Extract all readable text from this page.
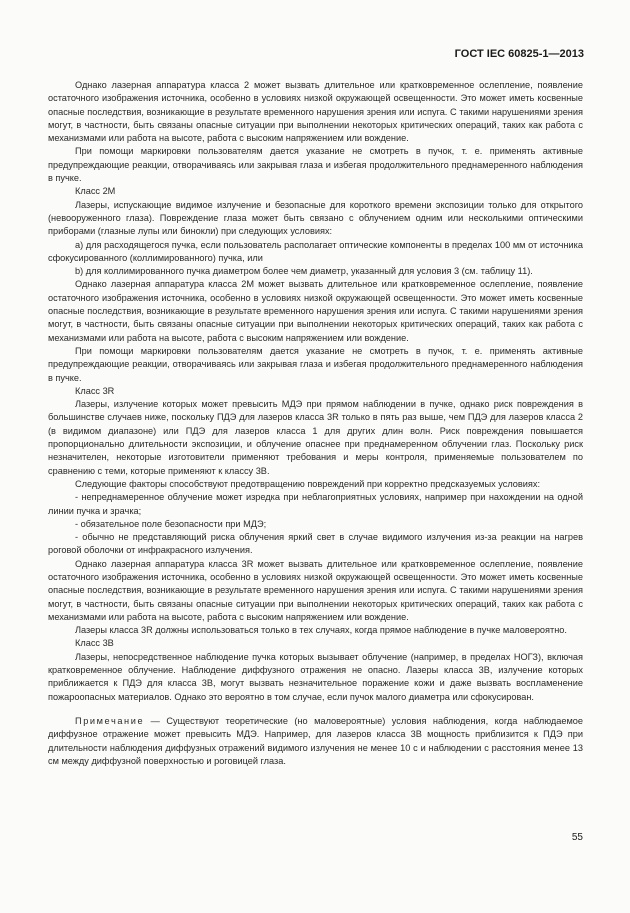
ГОСТ IEC 60825-1—2013

Однако лазерная аппаратура класса 2 может вызвать длительное или кратковременное ослепление, появление остаточного изображения источника, особенно в условиях низкой окружающей освещенности. Это может иметь косвенные опасные последствия, возникающие в результате временного нарушения зрения или испуга. С такими нарушениями зрения могут, в частности, быть связаны опасные ситуации при выполнении некоторых критических операций, таких как работа с механизмами или работа на высоте, работа с высоким напряжением или вождение.

При помощи маркировки пользователям дается указание не смотреть в пучок, т. е. применять активные предупреждающие реакции, отворачиваясь или закрывая глаза и избегая продолжительного преднамеренного наблюдения в пучке.

Класс 2M

Лазеры, испускающие видимое излучение и безопасные для короткого времени экспозиции только для открытого (невооруженного глаза). Повреждение глаза может быть связано с облучением одним или несколькими оптическими приборами (глазные лупы или бинокли) при следующих условиях:

a) для расходящегося пучка, если пользователь располагает оптические компоненты в пределах 100 мм от источника сфокусированного (коллимированного) пучка, или

b) для коллимированного пучка диаметром более чем диаметр, указанный для условия 3 (см. таблицу 11).

Однако лазерная аппаратура класса 2M может вызвать длительное или кратковременное ослепление, появление остаточного изображения источника, особенно в условиях низкой окружающей освещенности. Это может иметь косвенные опасные последствия, возникающие в результате временного нарушения зрения или испуга. С такими нарушениями зрения могут, в частности, быть связаны опасные ситуации при выполнении некоторых критических операций, таких как работа с механизмами или работа на высоте, работа с высоким напряжением или вождение.

При помощи маркировки пользователям дается указание не смотреть в пучок, т. е. применять активные предупреждающие реакции, отворачиваясь или закрывая глаза и избегая продолжительного преднамеренного наблюдения в пучке.

Класс 3R

Лазеры, излучение которых может превысить МДЭ при прямом наблюдении в пучке, однако риск повреждения в большинстве случаев ниже, поскольку ПДЭ для лазеров класса 3R только в пять раз выше, чем ПДЭ для лазеров класса 2 (в видимом диапазоне) или ПДЭ для лазеров класса 1 для других длин волн. Риск повреждения повышается пропорционально длительности экспозиции, и облучение опаснее при преднамеренном облучении глаз. Поскольку риск незначителен, некоторые изготовители применяют требования и меры контроля, применяемые пользователем по сравнению с теми, которые применяют к классу 3B.

Следующие факторы способствуют предотвращению повреждений при корректно предсказуемых условиях:

- непреднамеренное облучение может изредка при неблагоприятных условиях, например при нахождении на одной линии пучка и зрачка;

- обязательное поле безопасности при МДЭ;

- обычно не представляющий риска облучения яркий свет в случае видимого излучения из-за реакции на нагрев роговой оболочки от инфракрасного излучения.

Однако лазерная аппаратура класса 3R может вызвать длительное или кратковременное ослепление, появление остаточного изображения источника, особенно в условиях низкой окружающей освещенности. Это может иметь косвенные опасные последствия, возникающие в результате временного нарушения зрения или испуга. С такими нарушениями зрения могут, в частности, быть связаны опасные ситуации при выполнении некоторых критических операций, таких как работа с механизмами или работа на высоте, работа с высоким напряжением или вождение.

Лазеры класса 3R должны использоваться только в тех случаях, когда прямое наблюдение в пучке маловероятно.

Класс 3B

Лазеры, непосредственное наблюдение пучка которых вызывает облучение (например, в пределах НОГЗ), включая кратковременное облучение. Наблюдение диффузного отражения не опасно. Лазеры класса 3B, излучение которых приближается к ПДЭ для класса 3B, могут вызвать незначительное поражение кожи и даже вызвать воспламенение пожароопасных материалов. Однако это вероятно в том случае, если пучок малого диаметра или сфокусирован.

Примечание — Существуют теоретические (но маловероятные) условия наблюдения, когда наблюдаемое диффузное отражение может превысить МДЭ. Например, для лазеров класса 3B мощность приблизится к ПДЭ при длительности наблюдения диффузных отражений видимого излучения не менее 10 с и наблюдении с расстояния менее 13 см между диффузной поверхностью и роговицей глаза.

55
